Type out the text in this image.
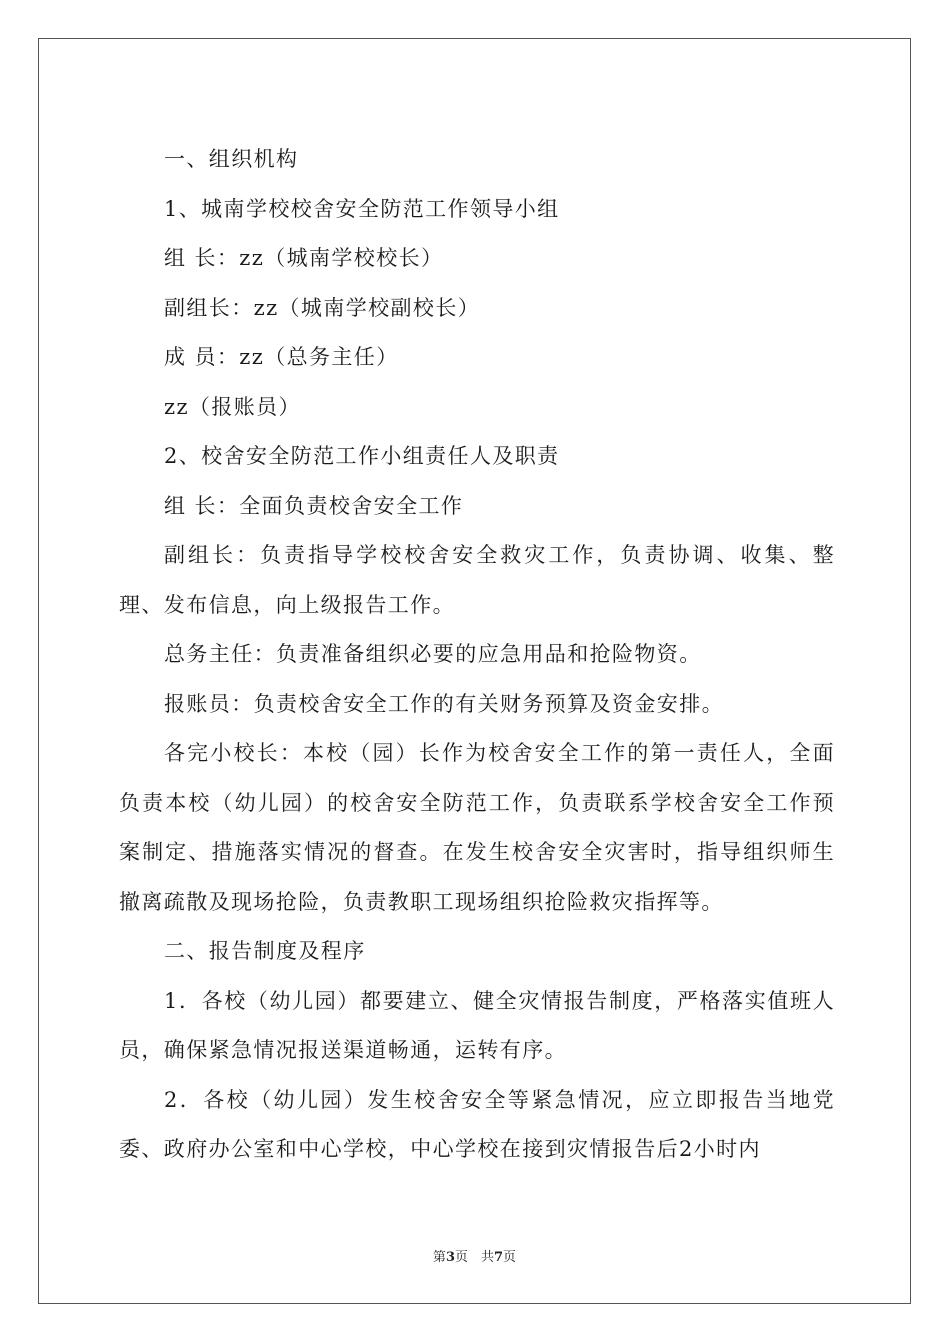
一、组织机构

1、城南学校校舍安全防范工作领导小组

组 长：zz（城南学校校长）

副组长：zz（城南学校副校长）

成 员：zz（总务主任）

zz（报账员）

2、校舍安全防范工作小组责任人及职责

组 长：全面负责校舍安全工作

副组长：负责指导学校校舍安全救灾工作，负责协调、收集、整理、发布信息，向上级报告工作。

总务主任：负责准备组织必要的应急用品和抢险物资。

报账员：负责校舍安全工作的有关财务预算及资金安排。

各完小校长：本校（园）长作为校舍安全工作的第一责任人，全面负责本校（幼儿园）的校舍安全防范工作，负责联系学校舍安全工作预案制定、措施落实情况的督查。在发生校舍安全灾害时，指导组织师生撤离疏散及现场抢险，负责教职工现场组织抢险救灾指挥等。

二、报告制度及程序

1．各校（幼儿园）都要建立、健全灾情报告制度，严格落实值班人员，确保紧急情况报送渠道畅通，运转有序。

2．各校（幼儿园）发生校舍安全等紧急情况，应立即报告当地党委、政府办公室和中心学校，中心学校在接到灾情报告后2小时内

第3页　共7页
